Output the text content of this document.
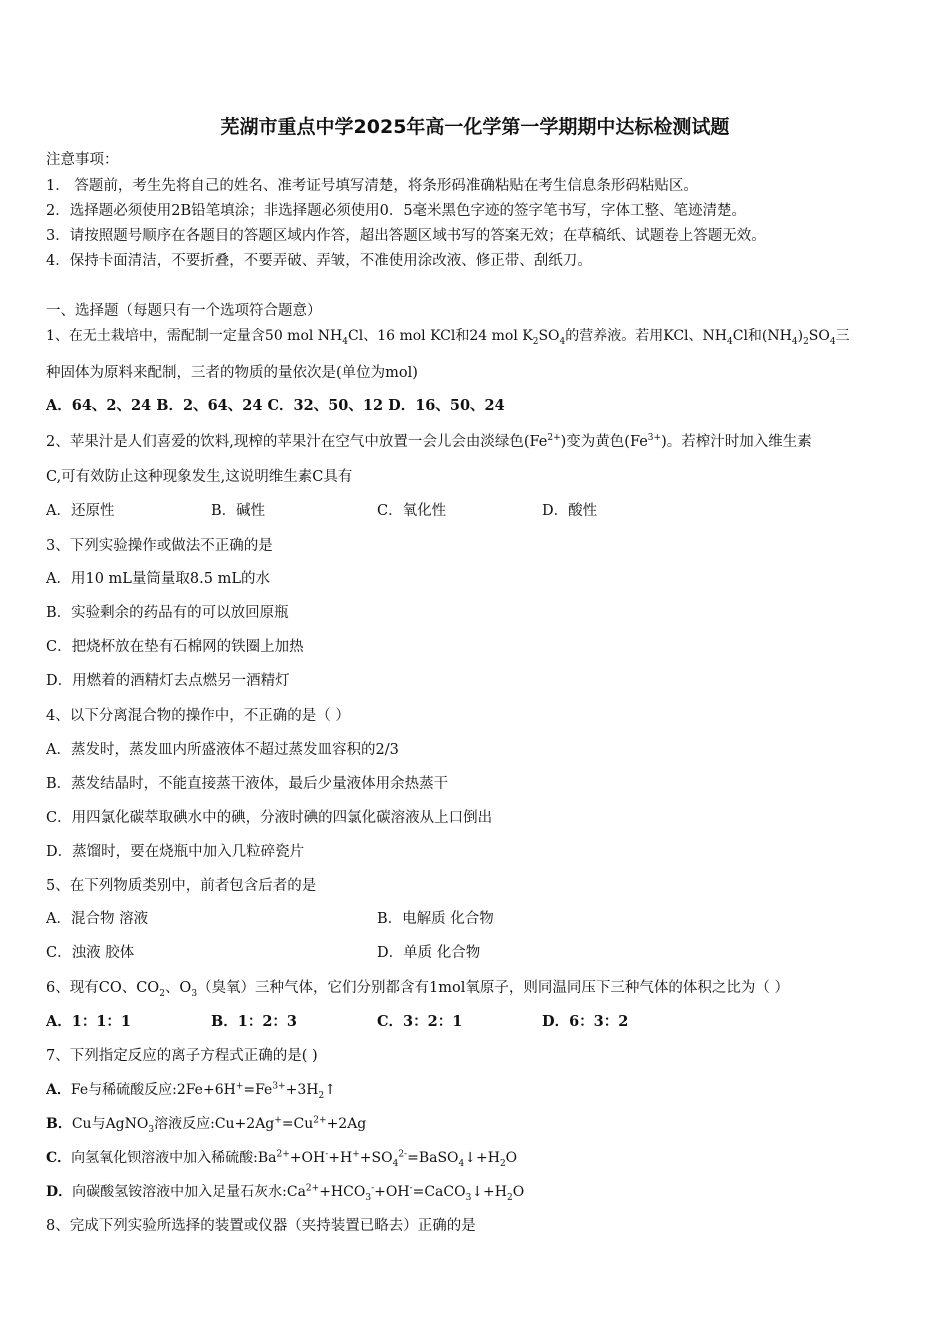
芜湖市重点中学2025年高一化学第一学期期中达标检测试题
注意事项：
1． 答题前，考生先将自己的姓名、准考证号填写清楚，将条形码准确粘贴在考生信息条形码粘贴区。
2．选择题必须使用2B铅笔填涂；非选择题必须使用0．5毫米黑色字迹的签字笔书写，字体工整、笔迹清楚。
3．请按照题号顺序在各题目的答题区域内作答，超出答题区域书写的答案无效；在草稿纸、试题卷上答题无效。
4．保持卡面清洁，不要折叠，不要弄破、弄皱，不准使用涂改液、修正带、刮纸刀。
一、选择题（每题只有一个选项符合题意）
1、在无土栽培中，需配制一定量含50 mol $NH_4Cl$、16 mol KCl和24 mol $K_2SO_4$的营养液。若用KCl、$NH_4Cl$和$(NH_4)_2SO_4$三
种固体为原料来配制，三者的物质的量依次是(单位为mol)
A．64、2、24 B．2、64、24 C．32、50、12 D．16、50、24
2、苹果汁是人们喜爱的饮料,现榨的苹果汁在空气中放置一会儿会由淡绿色$(Fe^{2+})$变为黄色$(Fe^{3+})$。若榨汁时加入维生素
C,可有效防止这种现象发生,这说明维生素C具有
A．还原性	B．碱性	C．氧化性	D．酸性
3、下列实验操作或做法不正确的是
A．用10 mL量筒量取8.5 mL的水
B．实验剩余的药品有的可以放回原瓶
C．把烧杯放在垫有石棉网的铁圈上加热
D．用燃着的酒精灯去点燃另一酒精灯
4、以下分离混合物的操作中，不正确的是（ ）
A．蒸发时，蒸发皿内所盛液体不超过蒸发皿容积的2/3
B．蒸发结晶时，不能直接蒸干液体，最后少量液体用余热蒸干
C．用四氯化碳萃取碘水中的碘，分液时碘的四氯化碳溶液从上口倒出
D．蒸馏时，要在烧瓶中加入几粒碎瓷片
5、在下列物质类别中，前者包含后者的是
A．混合物 溶液	B．电解质 化合物
C．浊液 胶体	D．单质 化合物
6、现有CO、$CO_2$、$O_3$（臭氧）三种气体，它们分别都含有1mol氧原子，则同温同压下三种气体的体积之比为（ ）
A．1：1：1	B．1：2：3	C．3：2：1	D．6：3：2
7、下列指定反应的离子方程式正确的是( )
A．Fe与稀硫酸反应$:2Fe+6H^+=Fe^{3+}+3H_2↑$
B．Cu与AgNO$_3$溶液反应$:Cu+2Ag^+=Cu^{2+}+2Ag$
C．向氢氧化钡溶液中加入稀硫酸$:Ba^{2+}+OH^-+H^++SO_4^{2-}=BaSO_4↓+H_2O$
D．向碳酸氢铵溶液中加入足量石灰水$:Ca^{2+}+HCO_3^-+OH^-=CaCO_3↓+H_2O$
8、完成下列实验所选择的装置或仪器（夹持装置已略去）正确的是
